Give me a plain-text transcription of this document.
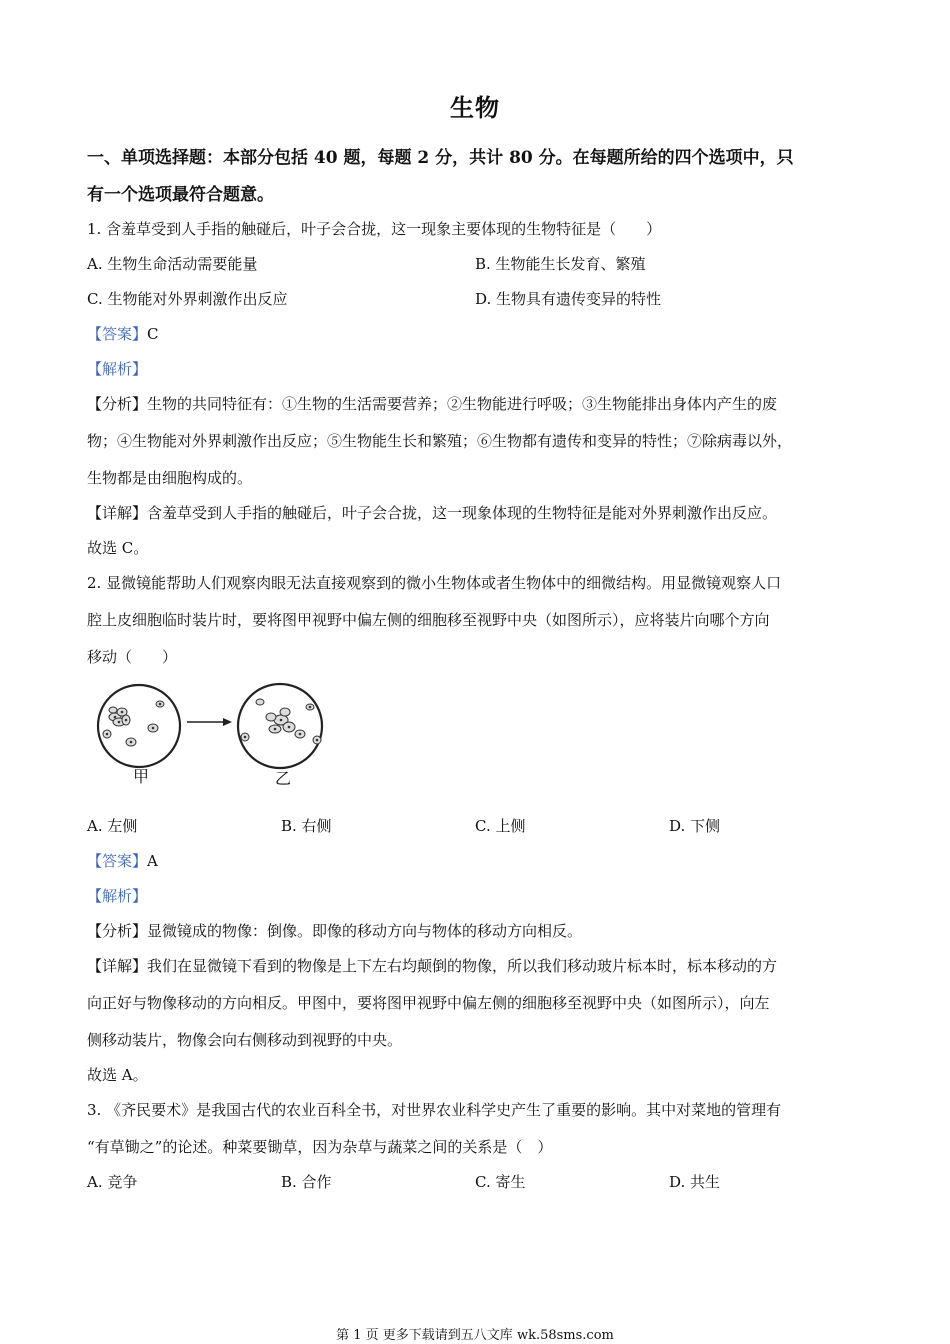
生物
一、单项选择题：本部分包括 40 题，每题 2 分，共计 80 分。在每题所给的四个选项中，只
有一个选项最符合题意。
1. 含羞草受到人手指的触碰后，叶子会合拢，这一现象主要体现的生物特征是（　　）
A. 生物生命活动需要能量	B. 生物能生长发育、繁殖
C. 生物能对外界刺激作出反应	D. 生物具有遗传变异的特性
【答案】C
【解析】
【分析】生物的共同特征有：①生物的生活需要营养；②生物能进行呼吸；③生物能排出身体内产生的废
物；④生物能对外界刺激作出反应；⑤生物能生长和繁殖；⑥生物都有遗传和变异的特性；⑦除病毒以外，
生物都是由细胞构成的。
【详解】含羞草受到人手指的触碰后，叶子会合拢，这一现象体现的生物特征是能对外界刺激作出反应。
故选 C。
2. 显微镜能帮助人们观察肉眼无法直接观察到的微小生物体或者生物体中的细微结构。用显微镜观察人口
腔上皮细胞临时装片时，要将图甲视野中偏左侧的细胞移至视野中央（如图所示），应将装片向哪个方向
移动（　　）
甲	乙
A. 左侧	B. 右侧	C. 上侧	D. 下侧
【答案】A
【解析】
【分析】显微镜成的物像：倒像。即像的移动方向与物体的移动方向相反。
【详解】我们在显微镜下看到的物像是上下左右均颠倒的物像，所以我们移动玻片标本时，标本移动的方
向正好与物像移动的方向相反。甲图中，要将图甲视野中偏左侧的细胞移至视野中央（如图所示），向左
侧移动装片，物像会向右侧移动到视野的中央。
故选 A。
3. 《齐民要术》是我国古代的农业百科全书，对世界农业科学史产生了重要的影响。其中对菜地的管理有
“有草锄之”的论述。种菜要锄草，因为杂草与蔬菜之间的关系是（　）
A. 竞争	B. 合作	C. 寄生	D. 共生
第 1 页 更多下载请到五八文库 wk.58sms.com
